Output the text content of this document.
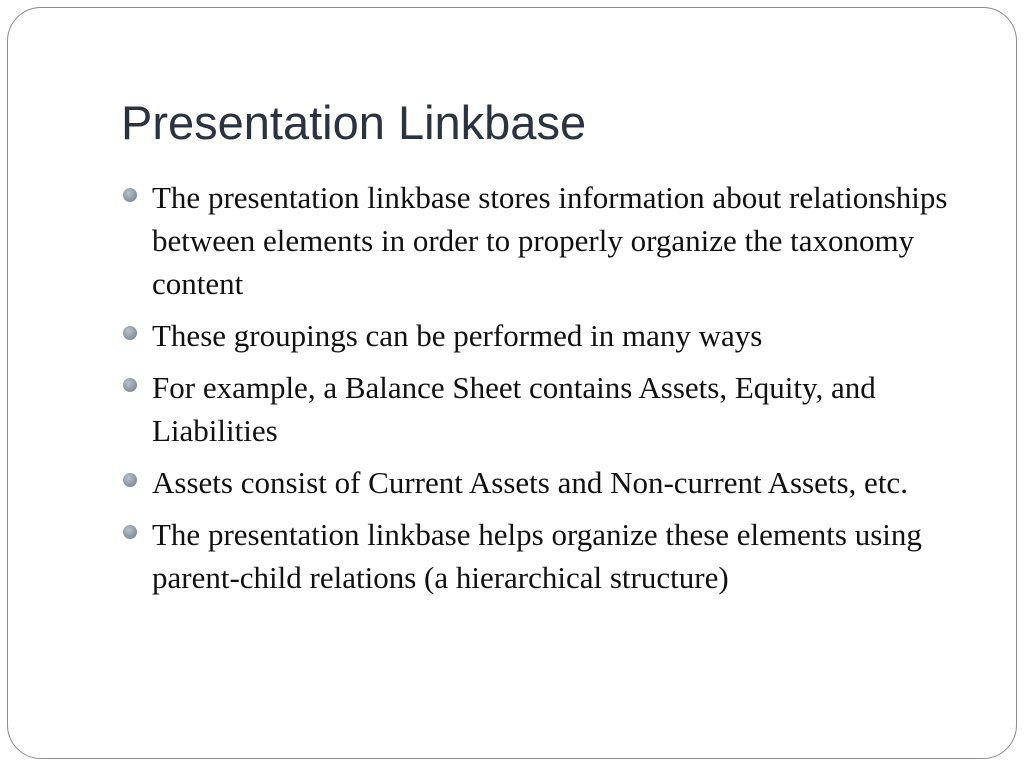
Presentation Linkbase
The presentation linkbase stores information about relationships between elements in order to properly organize the taxonomy content
These groupings can be performed in many ways
For example, a Balance Sheet contains Assets, Equity, and Liabilities
Assets consist of Current Assets and Non-current Assets, etc.
The presentation linkbase helps organize these elements using parent-child relations (a hierarchical structure)
